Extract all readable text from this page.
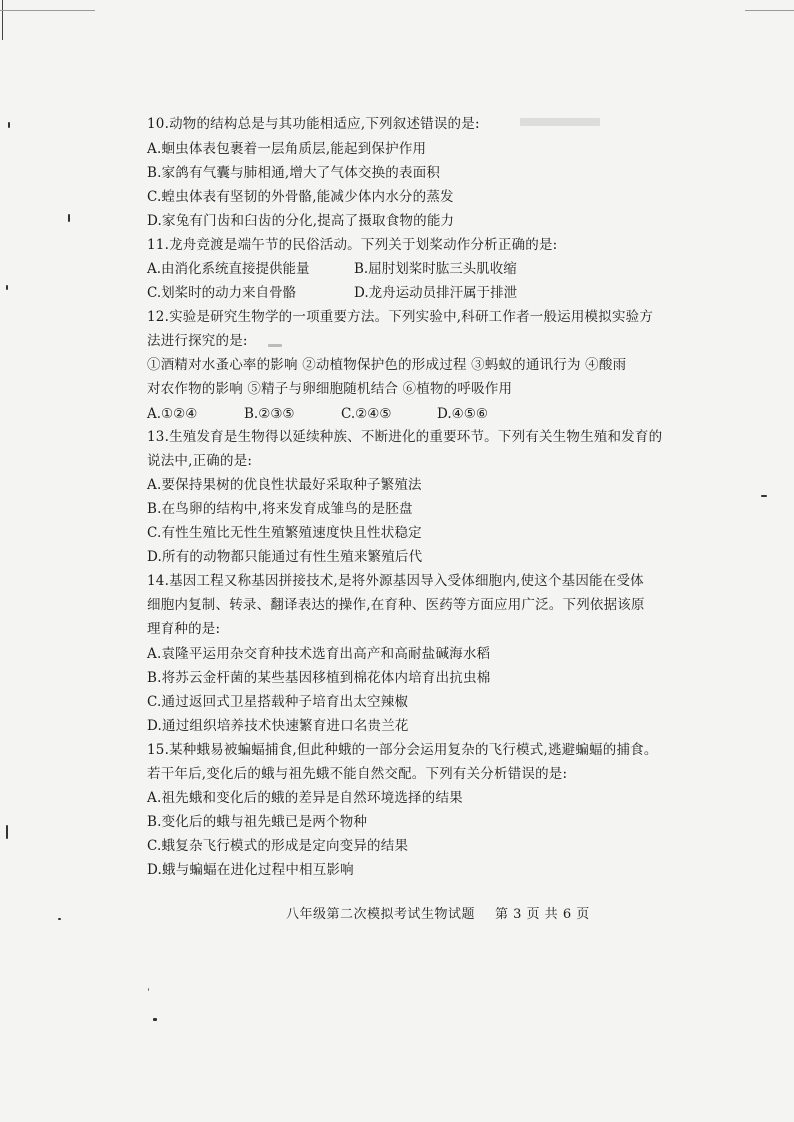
10.动物的结构总是与其功能相适应,下列叙述错误的是:
A.蛔虫体表包裹着一层角质层,能起到保护作用
B.家鸽有气囊与肺相通,增大了气体交换的表面积
C.蝗虫体表有坚韧的外骨骼,能减少体内水分的蒸发
D.家兔有门齿和臼齿的分化,提高了摄取食物的能力
11.龙舟竞渡是端午节的民俗活动。下列关于划桨动作分析正确的是:
A.由消化系统直接提供能量	B.屈肘划桨时肱三头肌收缩
C.划桨时的动力来自骨骼	D.龙舟运动员排汗属于排泄
12.实验是研究生物学的一项重要方法。下列实验中,科研工作者一般运用模拟实验方
法进行探究的是:
①酒精对水蚤心率的影响 ②动植物保护色的形成过程 ③蚂蚁的通讯行为 ④酸雨
对农作物的影响 ⑤精子与卵细胞随机结合 ⑥植物的呼吸作用
A.①②④	B.②③⑤	C.②④⑤	D.④⑤⑥
13.生殖发育是生物得以延续种族、不断进化的重要环节。下列有关生物生殖和发育的
说法中,正确的是:
A.要保持果树的优良性状最好采取种子繁殖法
B.在鸟卵的结构中,将来发育成雏鸟的是胚盘
C.有性生殖比无性生殖繁殖速度快且性状稳定
D.所有的动物都只能通过有性生殖来繁殖后代
14.基因工程又称基因拼接技术,是将外源基因导入受体细胞内,使这个基因能在受体
细胞内复制、转录、翻译表达的操作,在育种、医药等方面应用广泛。下列依据该原
理育种的是:
A.袁隆平运用杂交育种技术选育出高产和高耐盐碱海水稻
B.将苏云金杆菌的某些基因移植到棉花体内培育出抗虫棉
C.通过返回式卫星搭载种子培育出太空辣椒
D.通过组织培养技术快速繁育进口名贵兰花
15.某种蛾易被蝙蝠捕食,但此种蛾的一部分会运用复杂的飞行模式,逃避蝙蝠的捕食。
若干年后,变化后的蛾与祖先蛾不能自然交配。下列有关分析错误的是:
A.祖先蛾和变化后的蛾的差异是自然环境选择的结果
B.变化后的蛾与祖先蛾已是两个物种
C.蛾复杂飞行模式的形成是定向变异的结果
D.蛾与蝙蝠在进化过程中相互影响
八年级第二次模拟考试生物试题 第 3 页 共 6 页
